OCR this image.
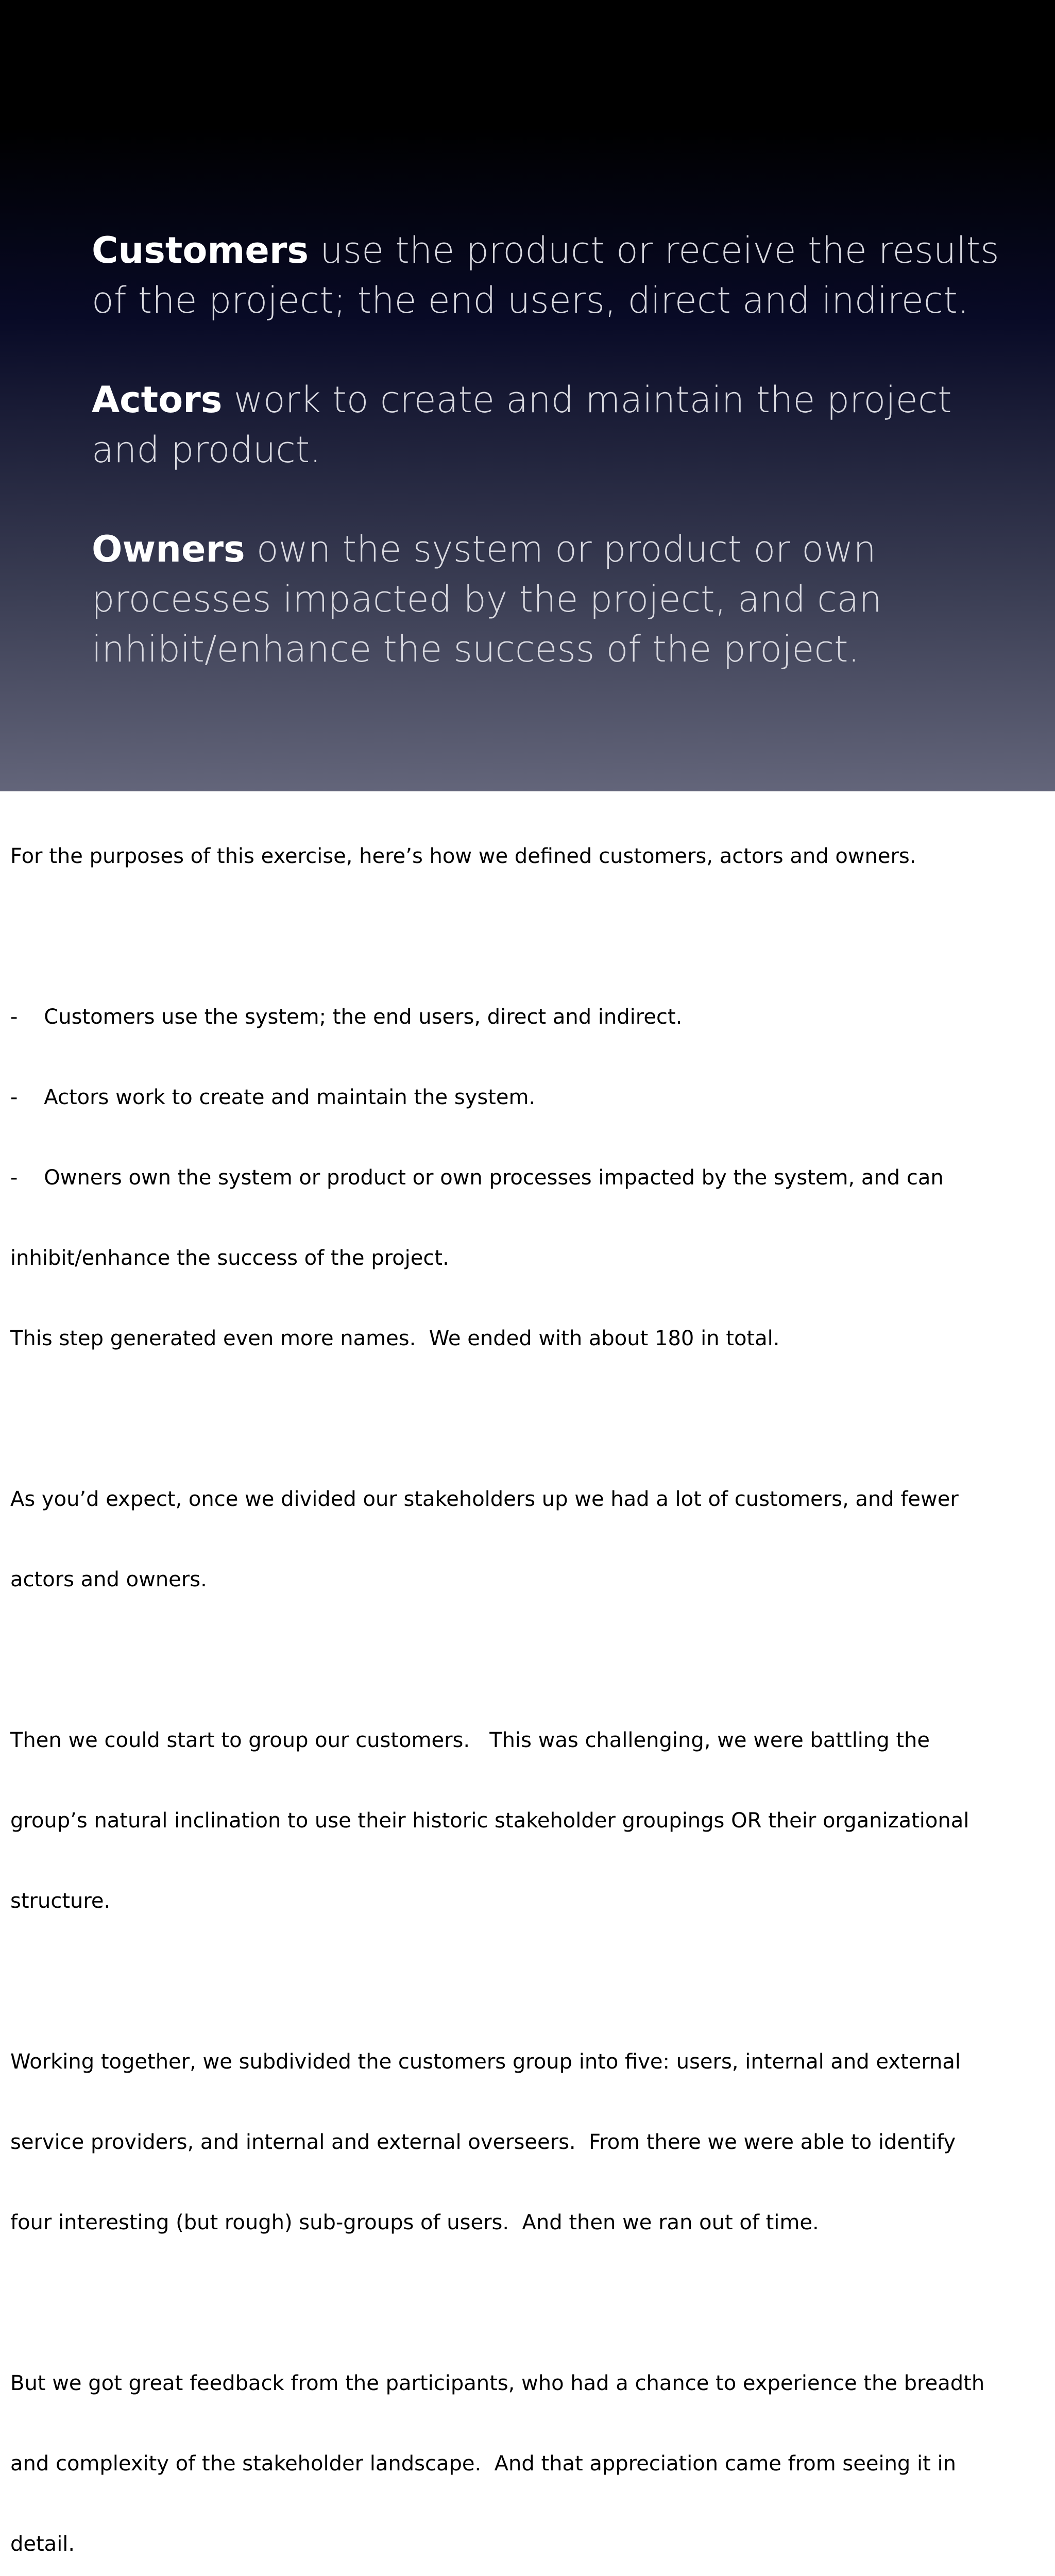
Customers use the product or receive the results of the project; the end users, direct and indirect.

Actors work to create and maintain the project and product.

Owners own the system or product or own processes impacted by the project, and can inhibit/enhance the success of the project.

For the purposes of this exercise, here’s how we defined customers, actors and owners.

-    Customers use the system; the end users, direct and indirect.

-    Actors work to create and maintain the system.

-    Owners own the system or product or own processes impacted by the system, and can

inhibit/enhance the success of the project.

This step generated even more names.  We ended with about 180 in total.

As you’d expect, once we divided our stakeholders up we had a lot of customers, and fewer

actors and owners.

Then we could start to group our customers.   This was challenging, we were battling the

group’s natural inclination to use their historic stakeholder groupings OR their organizational

structure.

Working together, we subdivided the customers group into five: users, internal and external

service providers, and internal and external overseers.  From there we were able to identify

four interesting (but rough) sub-groups of users.  And then we ran out of time.

But we got great feedback from the participants, who had a chance to experience the breadth

and complexity of the stakeholder landscape.  And that appreciation came from seeing it in

detail.
